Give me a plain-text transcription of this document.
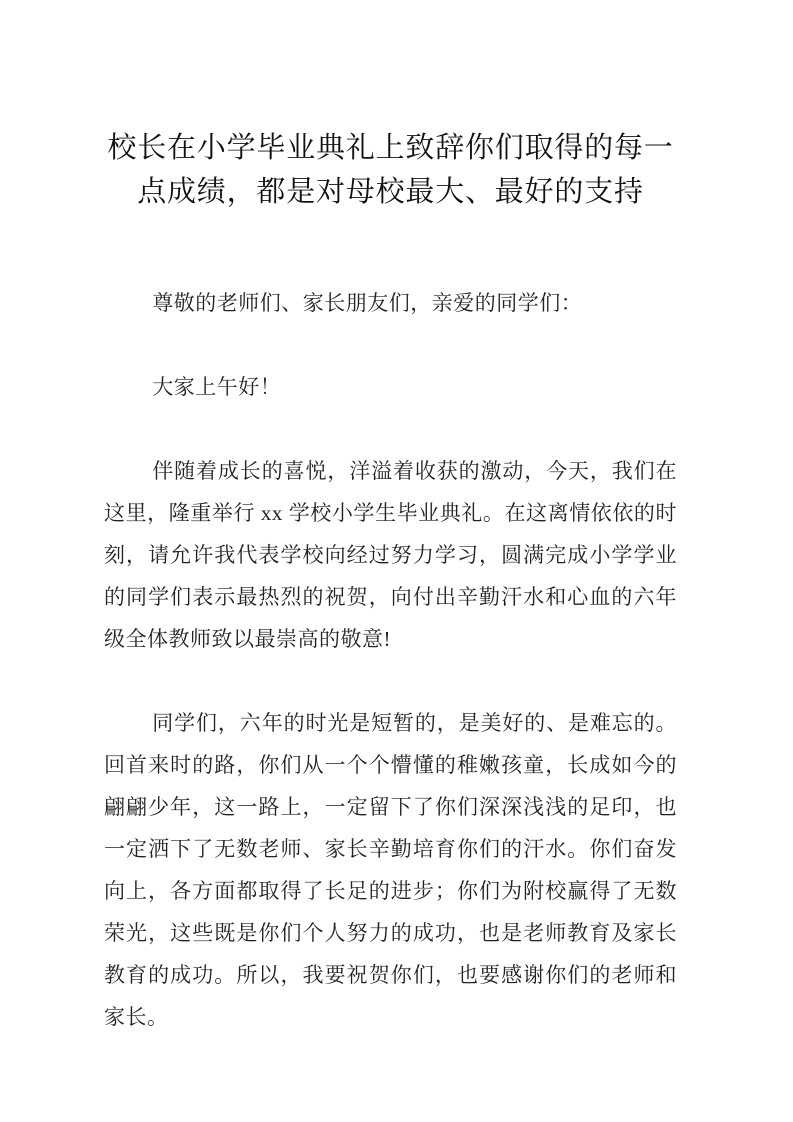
校长在小学毕业典礼上致辞你们取得的每一点成绩，都是对母校最大、最好的支持

尊敬的老师们、家长朋友们，亲爱的同学们：

大家上午好！

伴随着成长的喜悦，洋溢着收获的激动，今天，我们在这里，隆重举行 xx 学校小学生毕业典礼。在这离情依依的时刻，请允许我代表学校向经过努力学习，圆满完成小学学业的同学们表示最热烈的祝贺，向付出辛勤汗水和心血的六年级全体教师致以最崇高的敬意!

同学们，六年的时光是短暂的，是美好的、是难忘的。回首来时的路，你们从一个个懵懂的稚嫩孩童，长成如今的翩翩少年，这一路上，一定留下了你们深深浅浅的足印，也一定洒下了无数老师、家长辛勤培育你们的汗水。你们奋发向上，各方面都取得了长足的进步；你们为附校赢得了无数荣光，这些既是你们个人努力的成功，也是老师教育及家长教育的成功。所以，我要祝贺你们，也要感谢你们的老师和家长。
